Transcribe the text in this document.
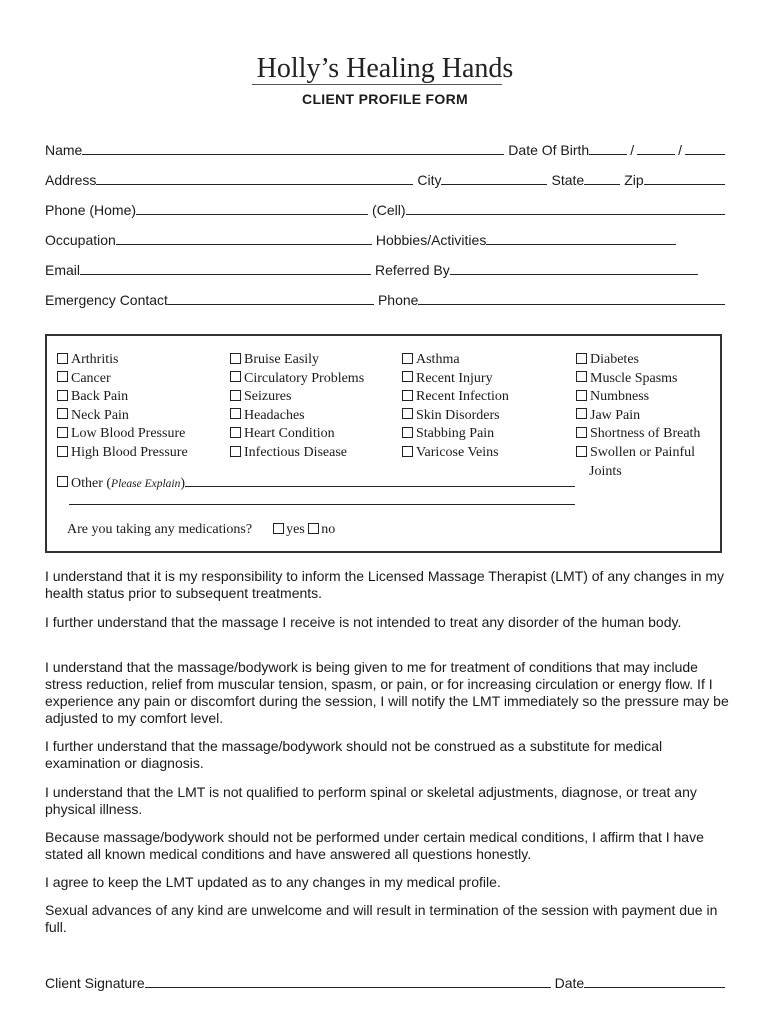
Holly’s Healing Hands
CLIENT PROFILE FORM
Name	Date Of Birth	/	/
Address	City	State	Zip
Phone (Home)	(Cell)
Occupation	Hobbies/Activities
Email	Referred By
Emergency Contact	Phone
Arthritis
Cancer
Back Pain
Neck Pain
Low Blood Pressure
High Blood Pressure
Bruise Easily
Circulatory Problems
Seizures
Headaches
Heart Condition
Infectious Disease
Asthma
Recent Injury
Recent Infection
Skin Disorders
Stabbing Pain
Varicose Veins
Diabetes
Muscle Spasms
Numbness
Jaw Pain
Shortness of Breath
Swollen or Painful
Joints
Other ( Please Explain )
Are you taking any medications? yes no

I understand that it is my responsibility to inform the Licensed Massage Therapist (LMT) of any changes in my health status prior to subsequent treatments.

I further understand that the massage I receive is not intended to treat any disorder of the human body.

I understand that the massage/bodywork is being given to me for treatment of conditions that may include stress reduction, relief from muscular tension, spasm, or pain, or for increasing circulation or energy flow. If I experience any pain or discomfort during the session, I will notify the LMT immediately so the pressure may be adjusted to my comfort level.

I further understand that the massage/bodywork should not be construed as a substitute for medical examination or diagnosis.

I understand that the LMT is not qualified to perform spinal or skeletal adjustments, diagnose, or treat any physical illness.

Because massage/bodywork should not be performed under certain medical conditions, I affirm that I have stated all known medical conditions and have answered all questions honestly.

I agree to keep the LMT updated as to any changes in my medical profile.

Sexual advances of any kind are unwelcome and will result in termination of the session with payment due in full.

Client Signature	Date
